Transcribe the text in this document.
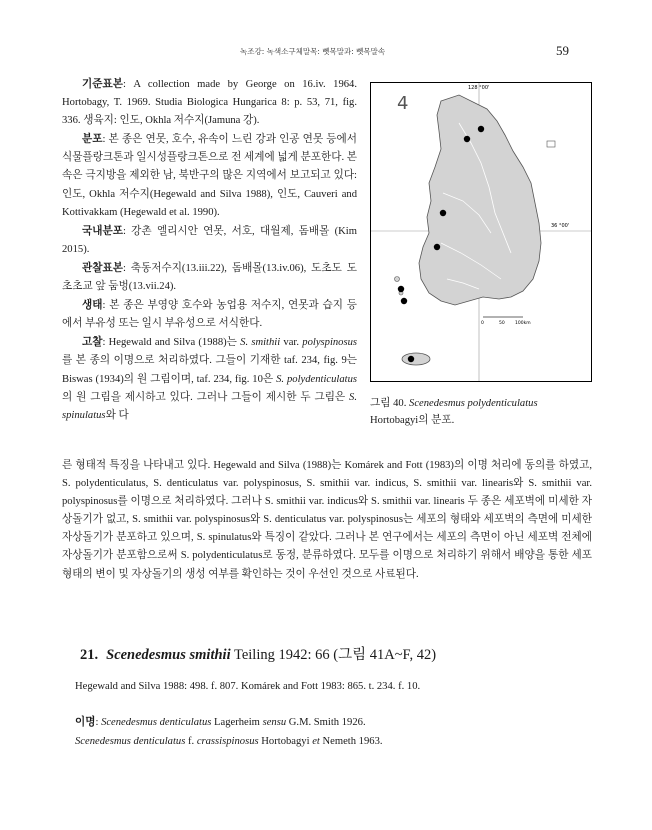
녹조강: 녹색소구체말목: 뻿목말과: 뻿목말속	59

기준표본: A collection made by George on 16.iv. 1964. Hortobagy, T. 1969. Studia Biologica Hungarica 8: p. 53, 71, fig. 336. 생육지: 인도, Okhla 저수지(Jamuna 강).

분포: 본 종은 연못, 호수, 유속이 느린 강과 인공 연못 등에서 식물플랑크톤과 일시성플랑크톤으로 전 세계에 넓게 분포한다. 본 속은 극지방을 제외한 남, 북반구의 많은 지역에서 보고되고 있다: 인도, Okhla 저수지(Hegewald and Silva 1988), 인도, Cauveri and Kottivakkam (Hegewald et al. 1990).

국내분포: 강촌 엘리시안 연못, 서호, 대월제, 돔배몰 (Kim 2015).

관찰표본: 축동저수지(13.iii.22), 돔배몰(13.iv.06), 도초도 도초초교 앞 둠벙(13.vii.24).

생태: 본 종은 부영양 호수와 농업용 저수지, 연못과 습지 등에서 부유성 또는 일시 부유성으로 서식한다.

고찰: Hegewald and Silva (1988)는 S. smithii var. polyspinosus를 본 종의 이명으로 처리하였다. 그들이 기재한 taf. 234, fig. 9는 Biswas (1934)의 원 그림이며, taf. 234, fig. 10은 S. polydenticulatus의 원 그림을 제시하고 있다. 그러나 그들이 제시한 두 그림은 S. spinulatus와 다

128 °00'
36 °00'
4
0	50 100km
그림 40. Scenedesmus polydenticulatus
Hortobagyi의 분포.
른 형태적 특징을 나타내고 있다. Hegewald and Silva (1988)는 Komárek and Fott (1983)의 이명 처리에 동의를 하였고, S. polydenticulatus, S. denticulatus var. polyspinosus, S. smithii var. indicus, S. smithii var. linearis와 S. smithii var. polyspinosus를 이명으로 처리하였다. 그러나 S. smithii var. indicus와 S. smithii var. linearis 두 종은 세포벽에 미세한 자상돌기가 없고, S. smithii var. polyspinosus와 S. denticulatus var. polyspinosus는 세포의 형태와 세포벽의 측면에 미세한 자상돌기가 분포하고 있으며, S. spinulatus와 특징이 같았다. 그러나 본 연구에서는 세포의 측면이 아닌 세포벽 전체에 자상돌기가 분포함으로써 S. polydenticulatus로 동정, 분류하였다. 모두를 이명으로 처리하기 위해서 배양을 통한 세포 형태의 변이 및 자상돌기의 생성 여부를 확인하는 것이 우선인 것으로 사료된다.
21. Scenedesmus smithii Teiling 1942: 66 (그림 41A~F, 42)
Hegewald and Silva 1988: 498. f. 807. Komárek and Fott 1983: 865. t. 234. f. 10.
이명: Scenedesmus denticulatus Lagerheim sensu G.M. Smith 1926.
Scenedesmus denticulatus f. crassispinosus Hortobagyi et Nemeth 1963.
